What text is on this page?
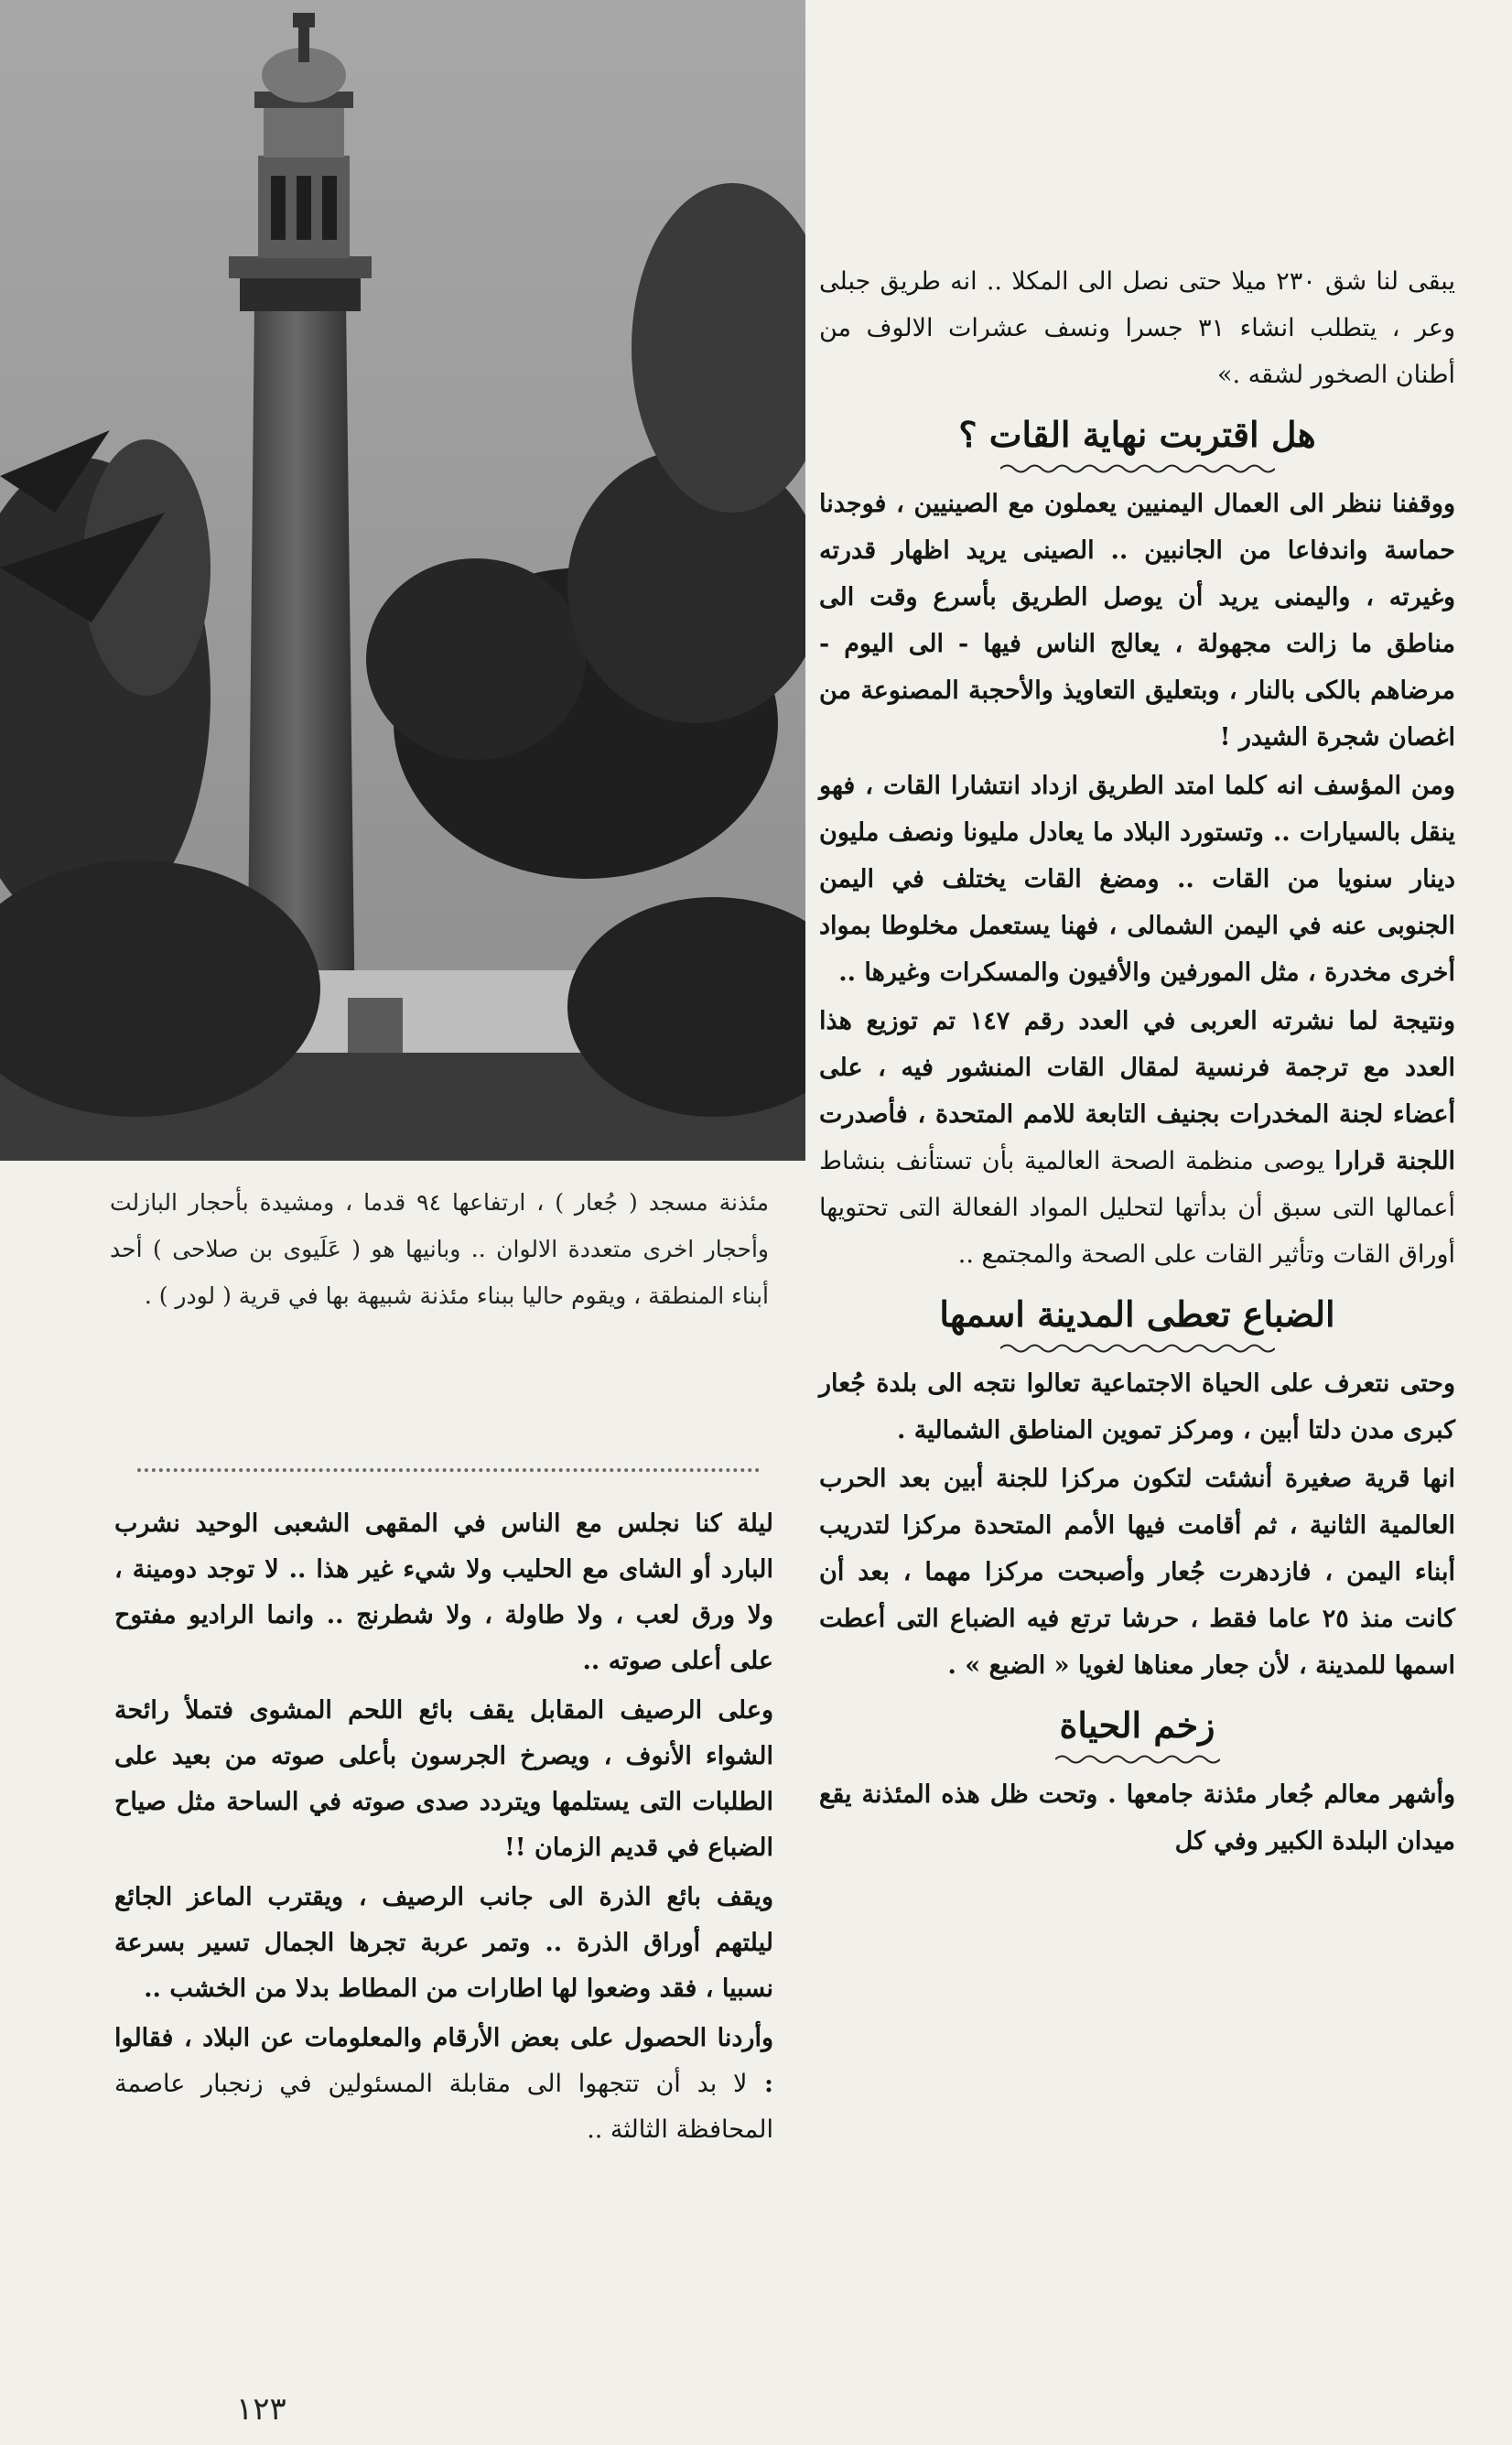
مئذنة مسجد ( جُعار ) ، ارتفاعها ٩٤ قدما ، ومشيدة بأحجار البازلت وأحجار اخرى متعددة الالوان .. وبانيها هو ( عَلَيوى بن صلاحى ) أحد أبناء المنطقة ، ويقوم حاليا ببناء مئذنة شبيهة بها في قرية ( لودر ) .

ليلة كنا نجلس مع الناس في المقهى الشعبى الوحيد نشرب البارد أو الشاى مع الحليب ولا شيء غير هذا .. لا توجد دومينة ، ولا ورق لعب ، ولا طاولة ، ولا شطرنج .. وانما الراديو مفتوح على أعلى صوته ..

وعلى الرصيف المقابل يقف بائع اللحم المشوى فتملأ رائحة الشواء الأنوف ، ويصرخ الجرسون بأعلى صوته من بعيد على الطلبات التى يستلمها ويتردد صدى صوته في الساحة مثل صياح الضباع في قديم الزمان !!

ويقف بائع الذرة الى جانب الرصيف ، ويقترب الماعز الجائع ليلتهم أوراق الذرة .. وتمر عربة تجرها الجمال تسير بسرعة نسبيا ، فقد وضعوا لها اطارات من المطاط بدلا من الخشب ..

وأردنا الحصول على بعض الأرقام والمعلومات عن البلاد ، فقالوا : لا بد أن تتجهوا الى مقابلة المسئولين في زنجبار عاصمة المحافظة الثالثة ..

يبقى لنا شق ٢٣٠ ميلا حتى نصل الى المكلا .. انه طريق جبلى وعر ، يتطلب انشاء ٣١ جسرا ونسف عشرات الالوف من أطنان الصخور لشقه .»

هل اقتربت نهاية القات ؟

ووقفنا ننظر الى العمال اليمنيين يعملون مع الصينيين ، فوجدنا حماسة واندفاعا من الجانبين .. الصينى يريد اظهار قدرته وغيرته ، واليمنى يريد أن يوصل الطريق بأسرع وقت الى مناطق ما زالت مجهولة ، يعالج الناس فيها - الى اليوم - مرضاهم بالكى بالنار ، وبتعليق التعاويذ والأحجبة المصنوعة من اغصان شجرة الشيدر !

ومن المؤسف انه كلما امتد الطريق ازداد انتشارا القات ، فهو ينقل بالسيارات .. وتستورد البلاد ما يعادل مليونا ونصف مليون دينار سنويا من القات .. ومضغ القات يختلف في اليمن الجنوبى عنه في اليمن الشمالى ، فهنا يستعمل مخلوطا بمواد أخرى مخدرة ، مثل المورفين والأفيون والمسكرات وغيرها ..

ونتيجة لما نشرته العربى في العدد رقم ١٤٧ تم توزيع هذا العدد مع ترجمة فرنسية لمقال القات المنشور فيه ، على أعضاء لجنة المخدرات بجنيف التابعة للامم المتحدة ، فأصدرت اللجنة قرارا يوصى منظمة الصحة العالمية بأن تستأنف بنشاط أعمالها التى سبق أن بدأتها لتحليل المواد الفعالة التى تحتويها أوراق القات وتأثير القات على الصحة والمجتمع ..

الضباع تعطى المدينة اسمها

وحتى نتعرف على الحياة الاجتماعية تعالوا نتجه الى بلدة جُعار كبرى مدن دلتا أبين ، ومركز تموين المناطق الشمالية .

انها قرية صغيرة أنشئت لتكون مركزا للجنة أبين بعد الحرب العالمية الثانية ، ثم أقامت فيها الأمم المتحدة مركزا لتدريب أبناء اليمن ، فازدهرت جُعار وأصبحت مركزا مهما ، بعد أن كانت منذ ٢٥ عاما فقط ، حرشا ترتع فيه الضباع التى أعطت اسمها للمدينة ، لأن جعار معناها لغويا « الضبع » .

زخم الحياة

وأشهر معالم جُعار مئذنة جامعها . وتحت ظل هذه المئذنة يقع ميدان البلدة الكبير وفي كل

١٢٣
